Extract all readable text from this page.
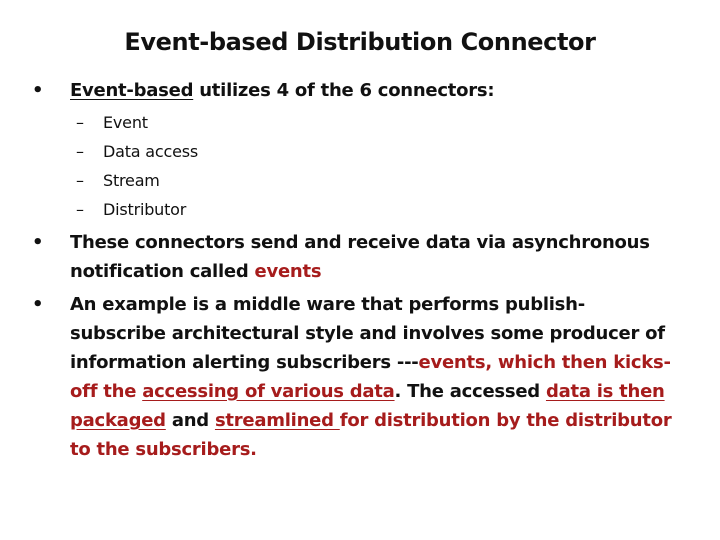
Event-based Distribution Connector
• Event-based utilizes 4 of the 6 connectors:
– Event
– Data access
– Stream
– Distributor
• These connectors send and receive data via asynchronous
notification called events
• An example is a middle ware that performs publish-
subscribe architectural style and involves some producer of
information alerting subscribers ---events, which then kicks-
off the accessing of various data. The accessed data is then
packaged and streamlined for distribution by the distributor
to the subscribers.
